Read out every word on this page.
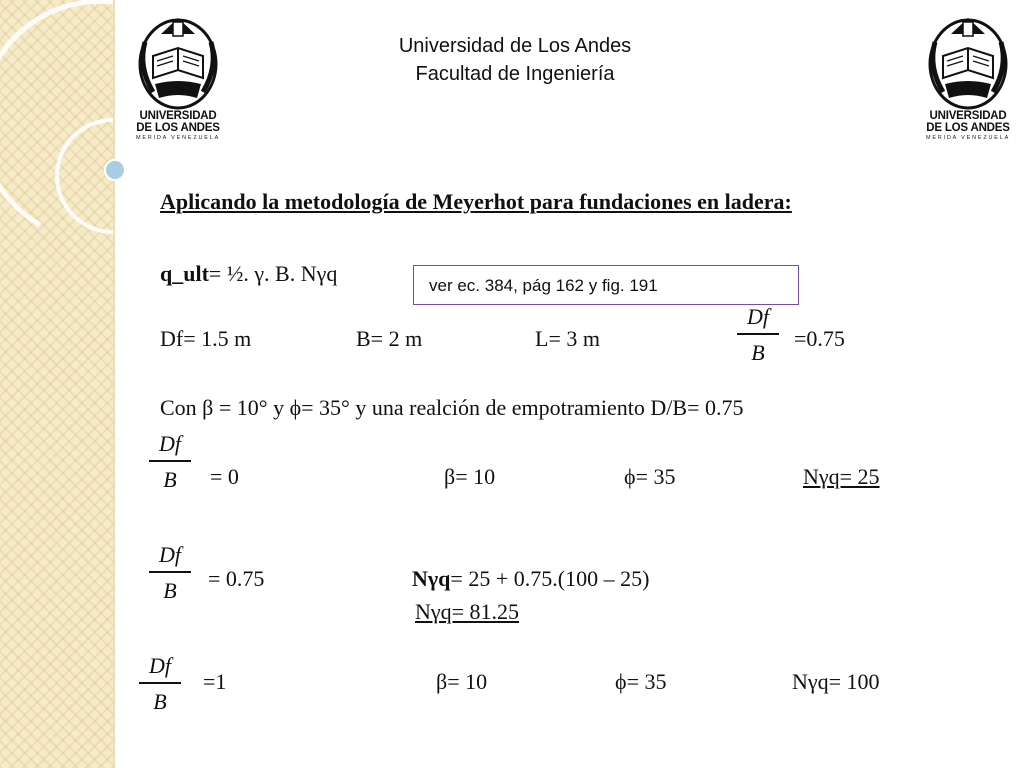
UNIVERSIDAD
DE LOS ANDES
MERIDA VENEZUELA
UNIVERSIDAD
DE LOS ANDES
MERIDA VENEZUELA
Universidad de Los Andes
Facultad de Ingeniería
Aplicando la metodología de Meyerhot para fundaciones en ladera:
q_ult= ½. γ. B. Nγq	ver ec. 384, pág 162 y fig. 191
Df= 1.5 m	B= 2 m	L= 3 m
Df
B
=0.75
Con β = 10° y ϕ= 35° y una realción de empotramiento D/B= 0.75
Df
B	= 0	β= 10	ϕ= 35	Nγq= 25
Df
B	= 0.75	Nγq= 25 + 0.75.(100 – 25)
Nγq= 81.25
Df
B
=1	β= 10	ϕ= 35	Nγq= 100
